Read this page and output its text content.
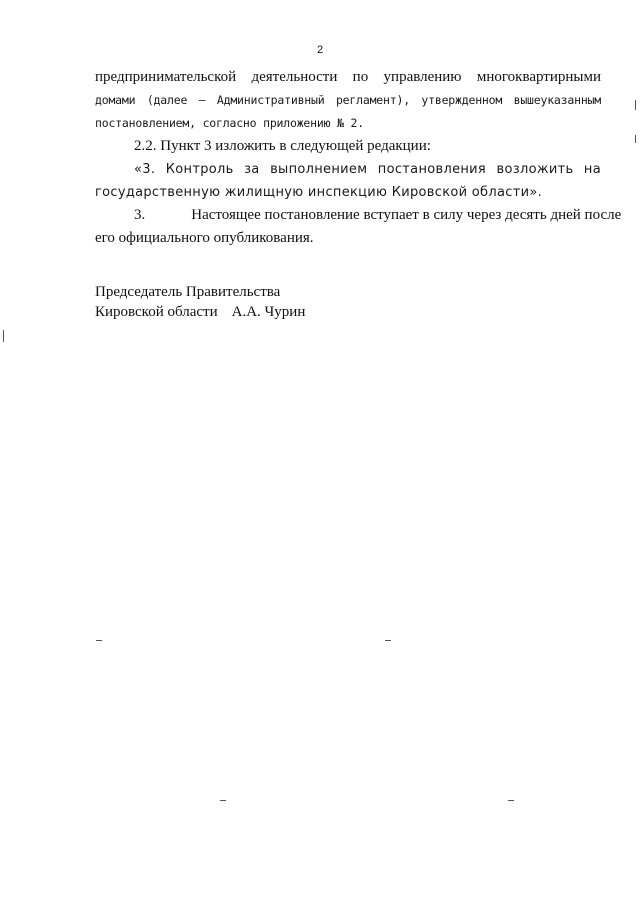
2
предпринимательской деятельности по управлению многоквартирными
домами (далее – Административный регламент), утвержденном вышеуказанным
постановлением, согласно приложению № 2.
2.2. Пункт 3 изложить в следующей редакции:
«3. Контроль за выполнением постановления возложить на
государственную жилищную инспекцию Кировской области».
3.	Настоящее постановление вступает в силу через десять дней после
его официального опубликования.
Председатель Правительства
Кировской области А.А. Чурин
